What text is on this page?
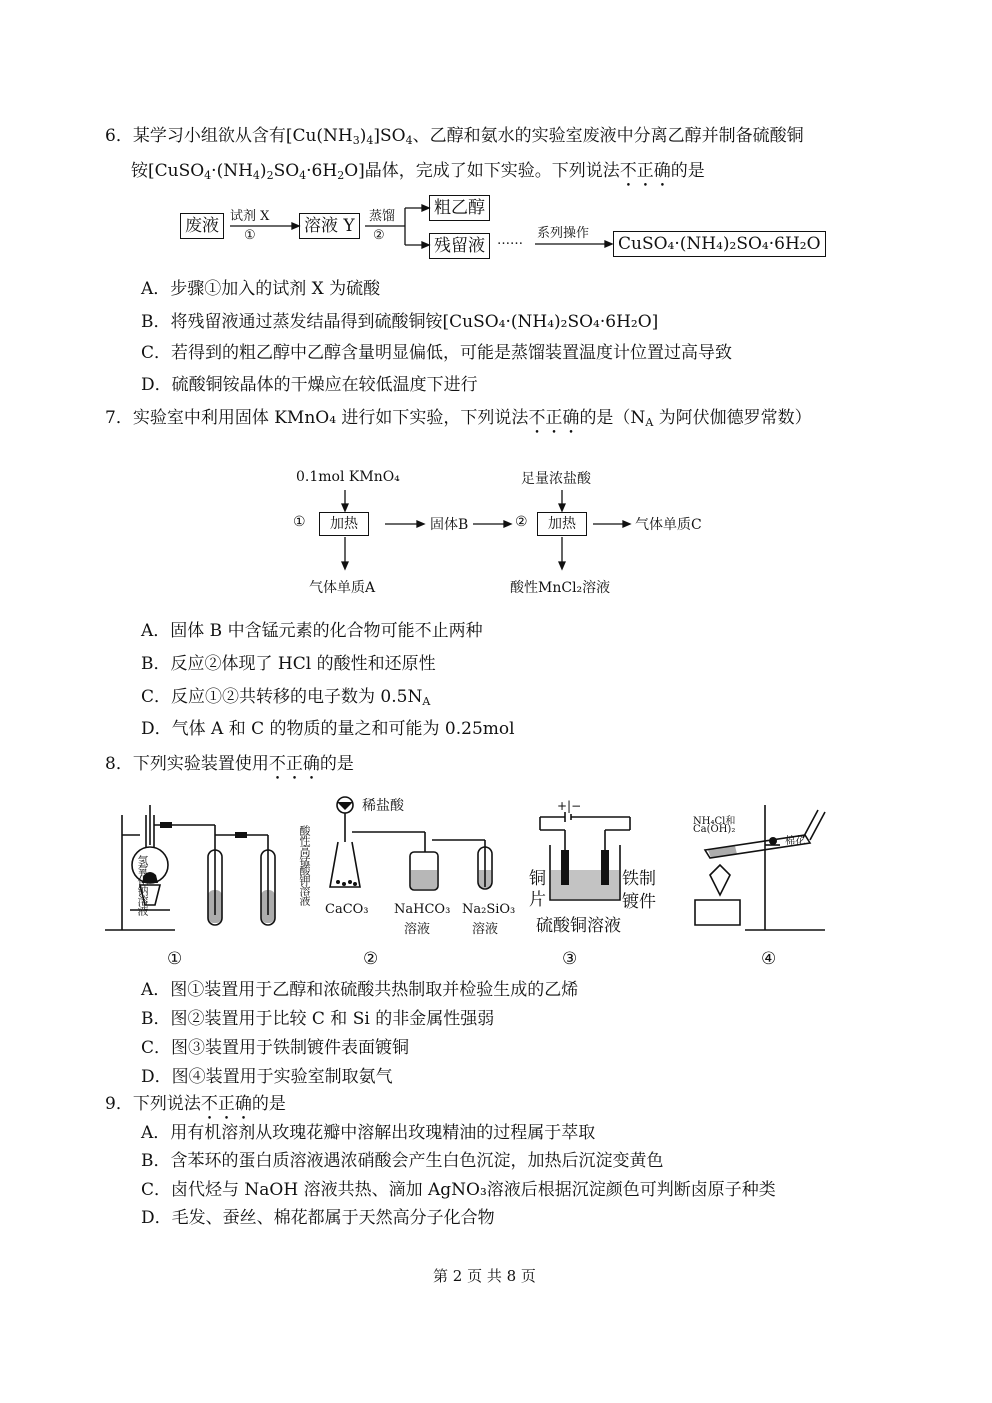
6．某学习小组欲从含有$[Cu(NH_3)_4]SO_4$、乙醇和氨水的实验室废液中分离乙醇并制备硫酸铜
铵$[CuSO_4\cdot(NH_4)_2SO_4\cdot 6H_2O]$晶体，完成了如下实验。下列说法不正确的是
废液 试剂 X
①	溶液 Y	蒸馏
②
粗乙醇
残留液 …… 系列操作
CuSO₄·(NH₄)₂SO₄·6H₂O
A．步骤①加入的试剂 X 为硫酸
B．将残留液通过蒸发结晶得到硫酸铜铵[CuSO₄·(NH₄)₂SO₄·6H₂O]
C．若得到的粗乙醇中乙醇含量明显偏低，可能是蒸馏装置温度计位置过高导致
D．硫酸铜铵晶体的干燥应在较低温度下进行
7．实验室中利用固体 KMnO₄ 进行如下实验，下列说法不正确的是（$N_A$ 为阿伏伽德罗常数）
0.1mol KMnO₄
①	加热	固体B	②	加热	气体单质C
足量浓盐酸
气体单质A	酸性MnCl₂溶液
A．固体 B 中含锰元素的化合物可能不止两种
B．反应②体现了 HCl 的酸性和还原性
C．反应①②共转移的电子数为 $0.5N_A$
D．气体 A 和 C 的物质的量之和可能为 0.25mol
8．下列实验装置使用不正确的是
氢氧化钠溶液	酸性高锰酸钾溶液
①
稀盐酸
CaCO₃ NaHCO₃
溶液
Na₂SiO₃
溶液
②
+|−
铜
片
铁制
镀件
硫酸铜溶液
③
NH₄Cl和
Ca(OH)₂
棉花
④
A．图①装置用于乙醇和浓硫酸共热制取并检验生成的乙烯
B．图②装置用于比较 C 和 Si 的非金属性强弱
C．图③装置用于铁制镀件表面镀铜
D．图④装置用于实验室制取氨气
9．下列说法不正确的是
A．用有机溶剂从玫瑰花瓣中溶解出玫瑰精油的过程属于萃取
B．含苯环的蛋白质溶液遇浓硝酸会产生白色沉淀，加热后沉淀变黄色
C．卤代烃与 NaOH 溶液共热、滴加 AgNO₃溶液后根据沉淀颜色可判断卤原子种类
D．毛发、蚕丝、棉花都属于天然高分子化合物
第 2 页 共 8 页
